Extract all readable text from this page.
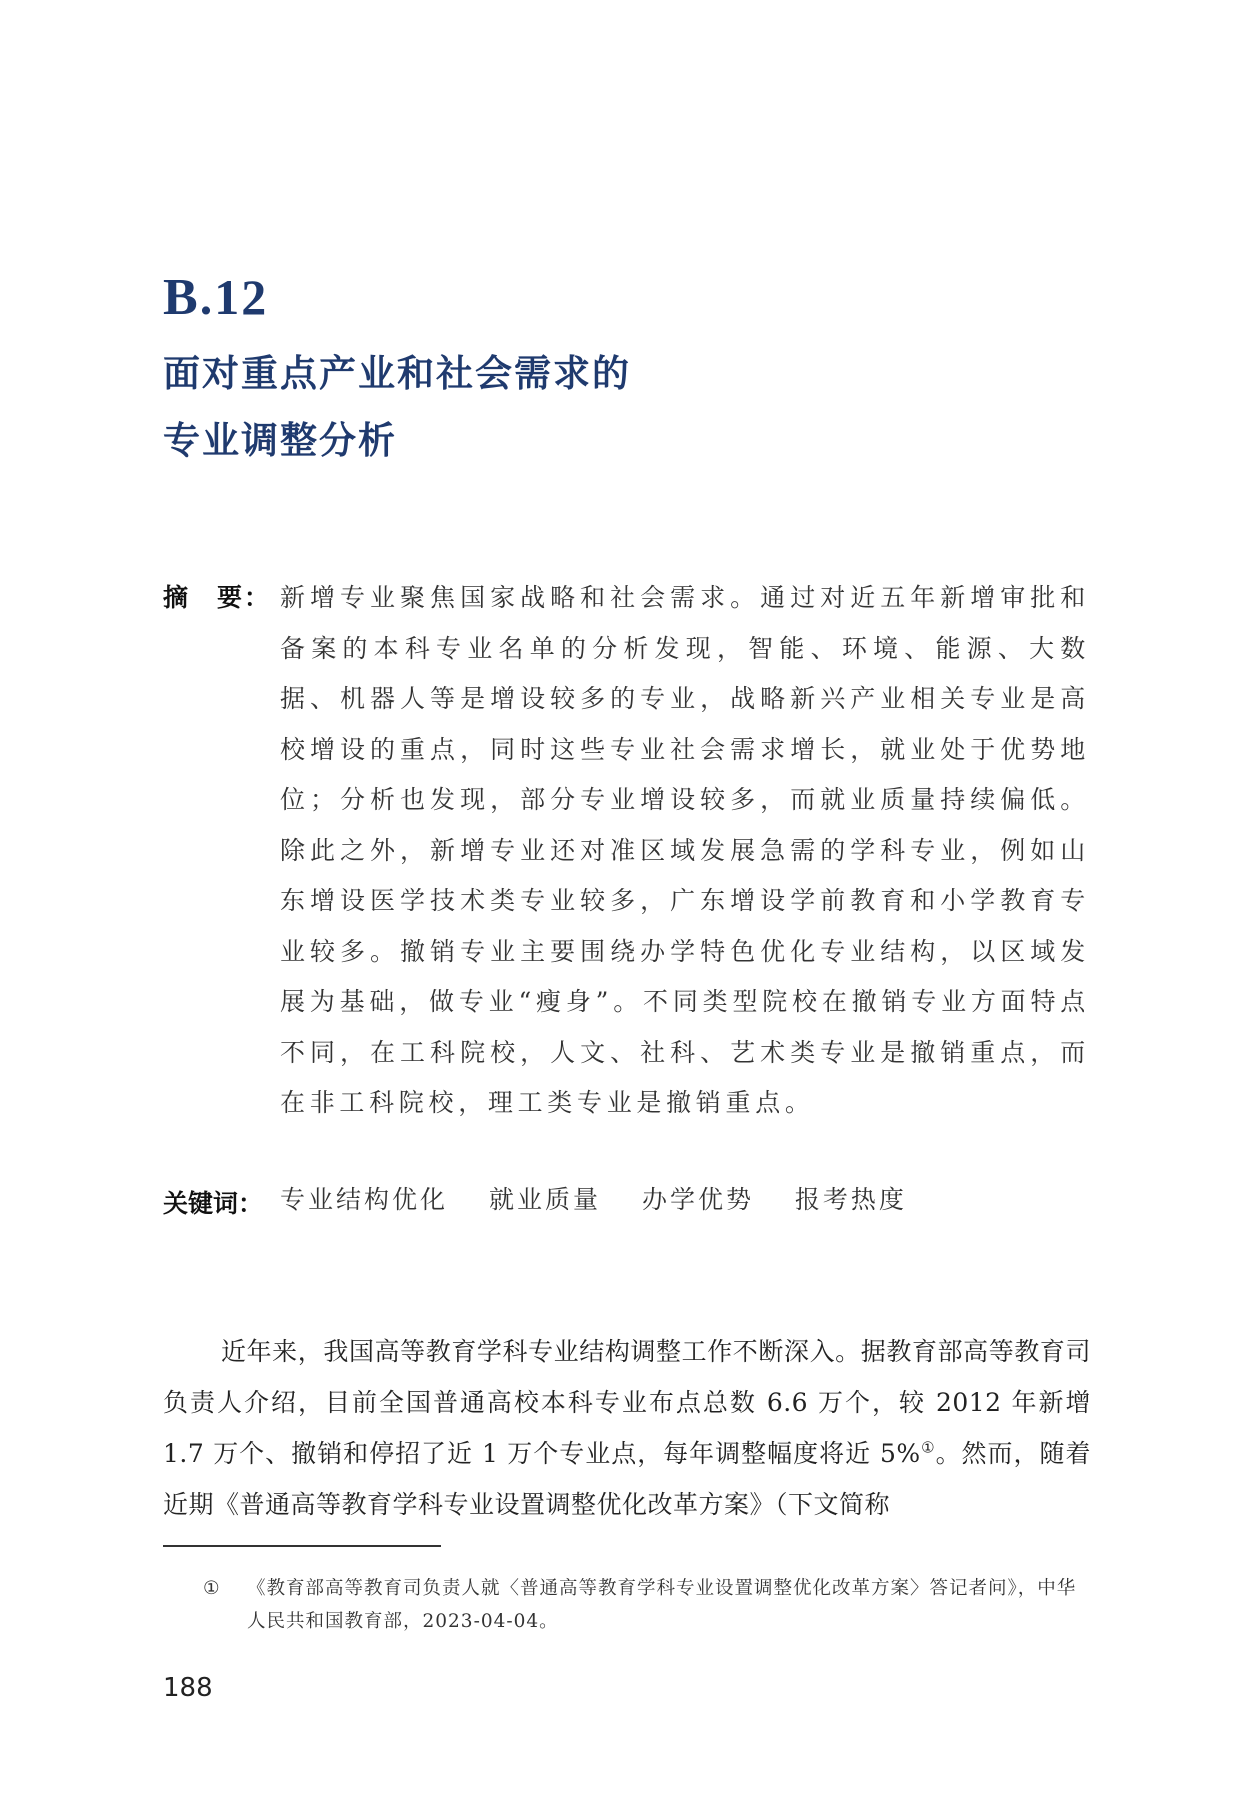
B.12
面对重点产业和社会需求的
专业调整分析
摘　要： 新增专业聚焦国家战略和社会需求。通过对近五年新增审批和备案的本科专业名单的分析发现，智能、环境、能源、大数据、机器人等是增设较多的专业，战略新兴产业相关专业是高校增设的重点，同时这些专业社会需求增长，就业处于优势地位；分析也发现，部分专业增设较多，而就业质量持续偏低。除此之外，新增专业还对准区域发展急需的学科专业，例如山东增设医学技术类专业较多，广东增设学前教育和小学教育专业较多。撤销专业主要围绕办学特色优化专业结构，以区域发展为基础，做专业“瘦身”。不同类型院校在撤销专业方面特点不同，在工科院校，人文、社科、艺术类专业是撤销重点，而在非工科院校，理工类专业是撤销重点。
关键词： 专业结构优化 就业质量 办学优势 报考热度
近年来，我国高等教育学科专业结构调整工作不断深入。据教育部高等教育司负责人介绍，目前全国普通高校本科专业布点总数 6.6 万个，较 2012 年新增 1.7 万个、撤销和停招了近 1 万个专业点，每年调整幅度将近 5%①。然而，随着近期《普通高等教育学科专业设置调整优化改革方案》（下文简称
① 《教育部高等教育司负责人就〈普通高等教育学科专业设置调整优化改革方案〉答记者问》，中华人民共和国教育部，2023-04-04。
188
